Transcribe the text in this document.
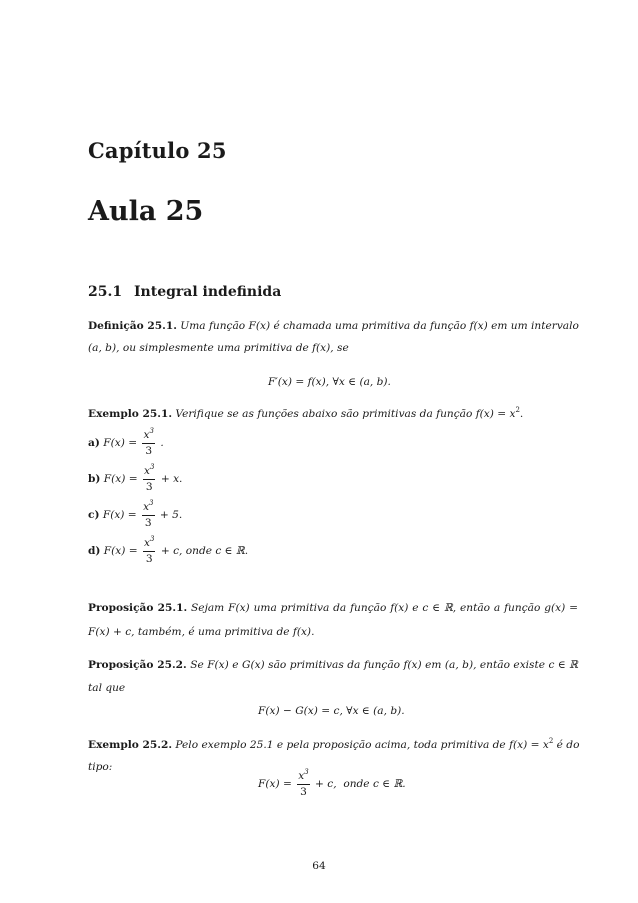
Capítulo 25
Aula 25
25.1 Integral indefinida
Definição 25.1. Uma função F(x) é chamada uma primitiva da função f(x) em um intervalo
(a, b), ou simplesmente uma primitiva de f(x), se
F′(x) = f(x), ∀x ∈ (a, b).
Exemplo 25.1. Verifique se as funções abaixo são primitivas da função $f(x) = x^2$.
a) $F(x) = \frac{x^3}{3}$ .
b) $F(x) = \frac{x^3}{3} + x$.
c) $F(x) = \frac{x^3}{3} + 5$.
d) $F(x) = \frac{x^3}{3} + c$, onde c ∈ ℝ.
Proposição 25.1. Sejam F(x) uma primitiva da função f(x) e c ∈ ℝ, então a função g(x) =
F(x) + c, também, é uma primitiva de f(x).
Proposição 25.2. Se F(x) e G(x) são primitivas da função f(x) em (a, b), então existe c ∈ ℝ
tal que
F(x) − G(x) = c, ∀x ∈ (a, b).
Exemplo 25.2. Pelo exemplo 25.1 e pela proposição acima, toda primitiva de $f(x) = x^2$ é do
tipo:
$F(x) = \frac{x^3}{3} + c$,  onde c ∈ ℝ.
64
